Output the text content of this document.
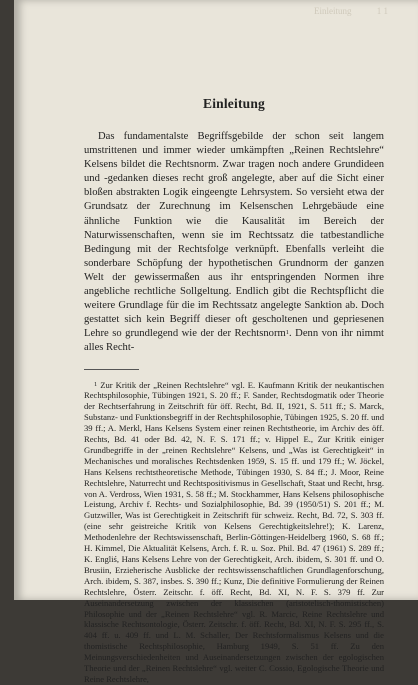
Einleitung	1 1
Einleitung

Das fundamentalste Begriffsgebilde der schon seit langem umstrittenen und immer wieder umkämpften „Reinen Rechtslehre“ Kelsens bildet die Rechtsnorm. Zwar tragen noch andere Grundideen und -gedanken dieses recht groß angelegte, aber auf die Sicht einer bloßen abstrakten Logik eingeengte Lehrsystem. So versieht etwa der Grundsatz der Zurechnung im Kelsenschen Lehrgebäude eine ähnliche Funktion wie die Kausalität im Bereich der Naturwissenschaften, wenn sie im Rechtssatz die tatbestandliche Bedingung mit der Rechtsfolge verknüpft. Ebenfalls verleiht die sonderbare Schöpfung der hypothetischen Grundnorm der ganzen Welt der gewissermaßen aus ihr entspringenden Normen ihre angebliche rechtliche Sollgeltung. Endlich gibt die Rechtspflicht die weitere Grundlage für die im Rechtssatz angelegte Sanktion ab. Doch gestattet sich kein Begriff dieser oft gescholtenen und gepriesenen Lehre so grundlegend wie der der Rechtsnorm$^1$. Denn von ihr nimmt alles Recht-

$^1$ Zur Kritik der „Reinen Rechtslehre“ vgl. E. Kaufmann Kritik der neukantischen Rechtsphilosophie, Tübingen 1921, S. 20 ff.; F. Sander, Rechtsdogmatik oder Theorie der Rechtserfahrung in Zeitschrift für öff. Recht, Bd. II, 1921, S. 511 ff.; S. Marck, Substanz- und Funktionsbegriff in der Rechtsphilosophie, Tübingen 1925, S. 20 ff. und 39 ff.; A. Merkl, Hans Kelsens System einer reinen Rechtstheorie, im Archiv des öff. Rechts, Bd. 41 oder Bd. 42, N. F. S. 171 ff.; v. Hippel E., Zur Kritik einiger Grundbegriffe in der „reinen Rechtslehre“ Kelsens, und „Was ist Gerechtigkeit“ in Mechanisches und moralisches Rechtsdenken 1959, S. 15 ff. und 179 ff.; W. Jöckel, Hans Kelsens rechtstheoretische Methode, Tübingen 1930, S. 84 ff.; J. Moor, Reine Rechtslehre, Naturrecht und Rechtspositivismus in Gesellschaft, Staat und Recht, hrsg. von A. Verdross, Wien 1931, S. 58 ff.; M. Stockhammer, Hans Kelsens philosophische Leistung, Archiv f. Rechts- und Sozialphilosophie, Bd. 39 (1950/51) S. 201 ff.; M. Gutzwiller, Was ist Gerechtigkeit in Zeitschrift für schweiz. Recht, Bd. 72, S. 303 ff. (eine sehr geistreiche Kritik von Kelsens Gerechtigkeitslehre!); K. Larenz, Methodenlehre der Rechtswissenschaft, Berlin-Göttingen-Heidelberg 1960, S. 68 ff.; H. Kimmel, Die Aktualität Kelsens, Arch. f. R. u. Soz. Phil. Bd. 47 (1961) S. 289 ff.; K. Engliś, Hans Kelsens Lehre von der Gerechtigkeit, Arch. ibidem, S. 301 ff. und O. Brusiin, Erzieherische Ausblicke der rechtswissenschaftlichen Grundlagenforschung, Arch. ibidem, S. 387, insbes. S. 390 ff.; Kunz, Die definitive Formulierung der Reinen Rechtslehre, Österr. Zeitschr. f. öff. Recht, Bd. XI, N. F. S. 379 ff. Zur Auseinandersetzung zwischen der klassischen (aristotelisch-thomistischen) Philosophie und der „Reinen Rechtslehre“ vgl. R. Marcic, Reine Rechtslehre und klassische Rechtsontologie, Österr. Zeitschr. f. öff. Recht, Bd. XI, N. F. S. 295 ff., S. 404 ff. u. 409 ff. und L. M. Schaller, Der Rechtsformalismus Kelsens und die thomistische Rechtsphilosophie, Hamburg 1949, S. 51 ff. Zu den Meinungsverschiedenheiten und Auseinandersetzungen zwischen der egologischen Theorie und der „Reinen Rechtslehre“ vgl. weiter C. Cossio, Egologische Theorie und Reine Rechtslehre,
